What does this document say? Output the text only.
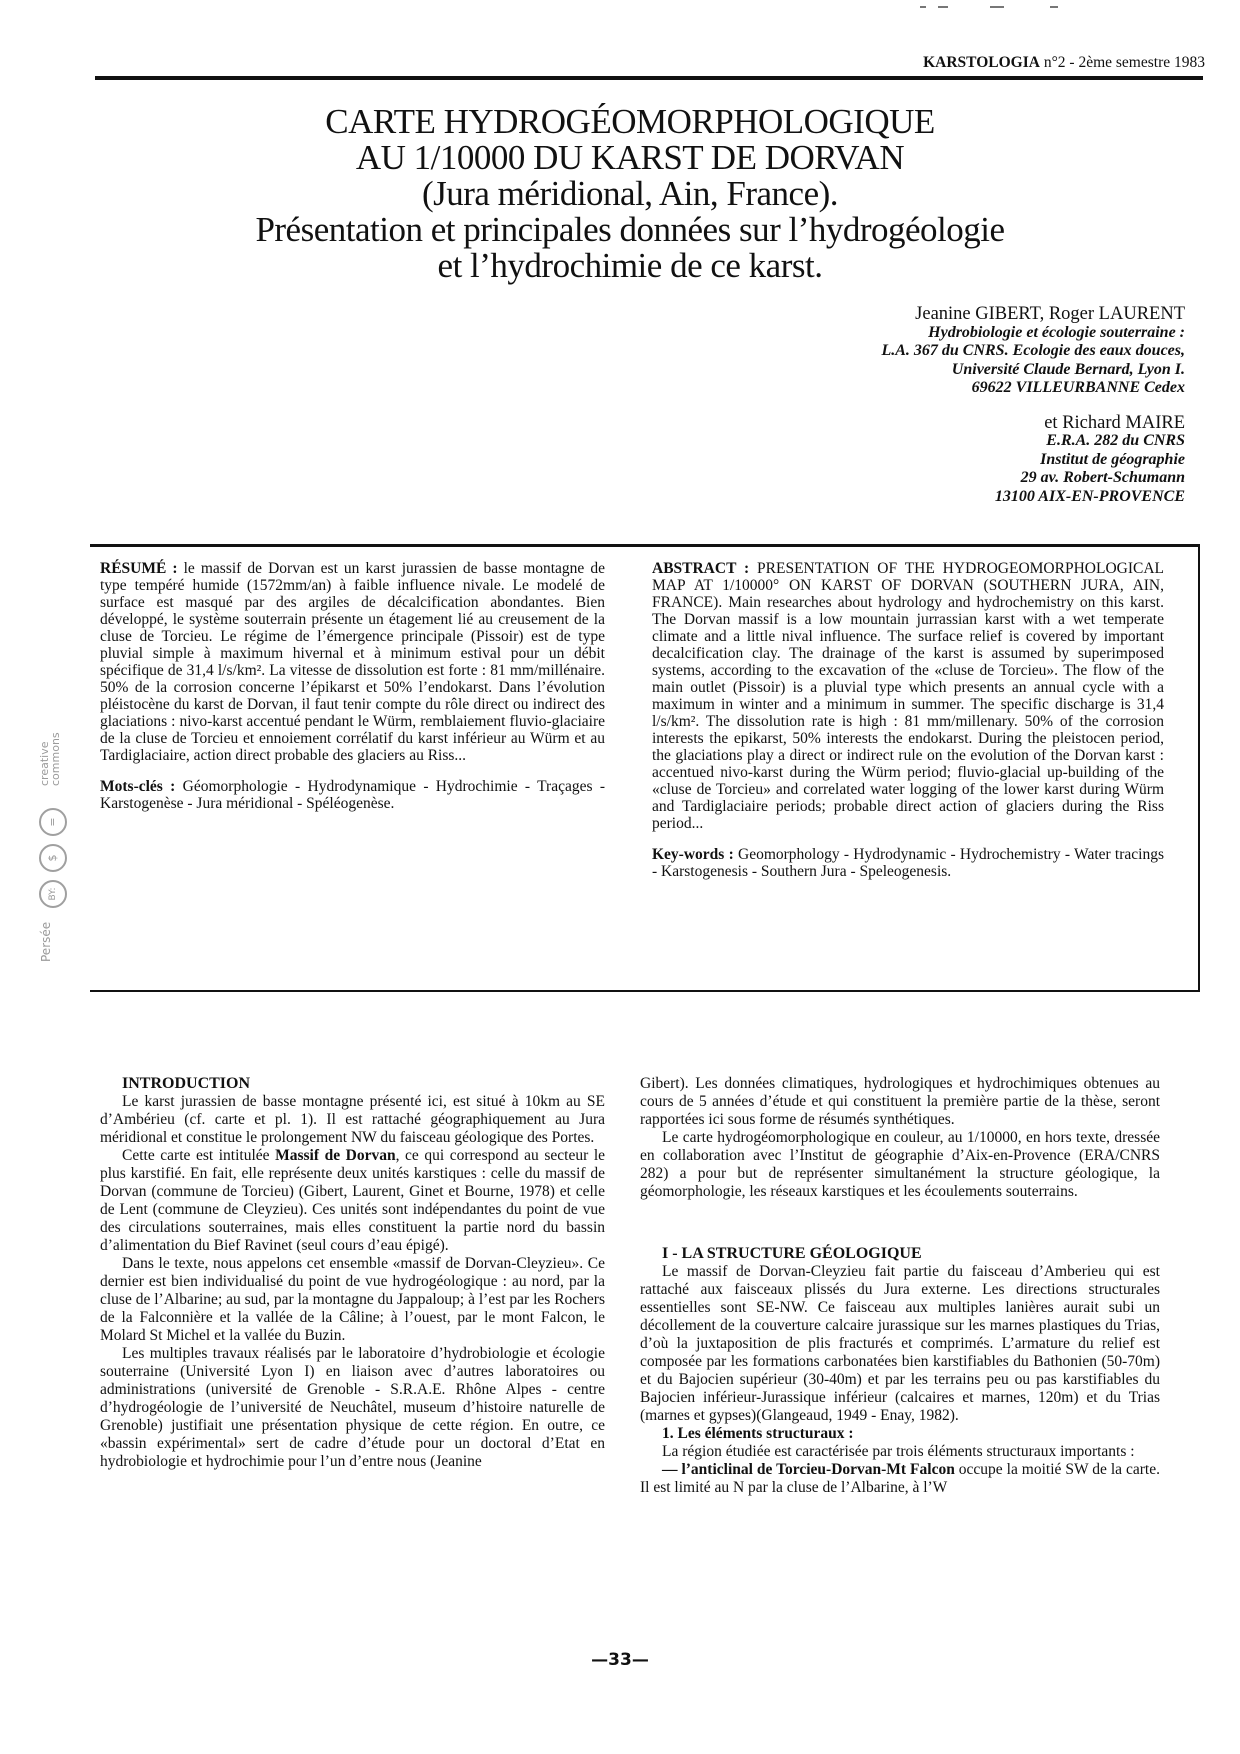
KARSTOLOGIA n°2 - 2ème semestre 1983
CARTE HYDROGÉOMORPHOLOGIQUE
AU 1/10000 DU KARST DE DORVAN
(Jura méridional, Ain, France).
Présentation et principales données sur l’hydrogéologie
et l’hydrochimie de ce karst.
Jeanine GIBERT, Roger LAURENT
Hydrobiologie et écologie souterraine :
L.A. 367 du CNRS. Ecologie des eaux douces,
Université Claude Bernard, Lyon I.
69622 VILLEURBANNE Cedex
et Richard MAIRE
E.R.A. 282 du CNRS
Institut de géographie
29 av. Robert-Schumann
13100 AIX-EN-PROVENCE

RÉSUMÉ : le massif de Dorvan est un karst jurassien de basse montagne de type tempéré humide (1572mm/an) à faible influence nivale. Le modelé de surface est masqué par des argiles de décalcification abondantes. Bien développé, le système souterrain présente un étagement lié au creusement de la cluse de Torcieu. Le régime de l’émergence principale (Pissoir) est de type pluvial simple à maximum hivernal et à minimum estival pour un débit spécifique de 31,4 l/s/km². La vitesse de dissolution est forte : 81 mm/millénaire. 50% de la corrosion concerne l’épikarst et 50% l’endokarst. Dans l’évolution pléistocène du karst de Dorvan, il faut tenir compte du rôle direct ou indirect des glaciations : nivo-karst accentué pendant le Würm, remblaiement fluvio-glaciaire de la cluse de Torcieu et ennoiement corrélatif du karst inférieur au Würm et au Tardiglaciaire, action direct probable des glaciers au Riss...

Mots-clés : Géomorphologie - Hydrodynamique - Hydrochimie - Traçages - Karstogenèse - Jura méridional - Spéléogenèse.

ABSTRACT : PRESENTATION OF THE HYDROGEOMORPHOLOGICAL MAP AT 1/10000° ON KARST OF DORVAN (SOUTHERN JURA, AIN, FRANCE). Main researches about hydrology and hydrochemistry on this karst. The Dorvan massif is a low mountain jurrassian karst with a wet temperate climate and a little nival influence. The surface relief is covered by important decalcification clay. The drainage of the karst is assumed by superimposed systems, according to the excavation of the «cluse de Torcieu». The flow of the main outlet (Pissoir) is a pluvial type which presents an annual cycle with a maximum in winter and a minimum in summer. The specific discharge is 31,4 l/s/km². The dissolution rate is high : 81 mm/millenary. 50% of the corrosion interests the epikarst, 50% interests the endokarst. During the pleistocen period, the glaciations play a direct or indirect rule on the evolution of the Dorvan karst : accentued nivo-karst during the Würm period; fluvio-glacial up-building of the «cluse de Torcieu» and correlated water logging of the lower karst during Würm and Tardiglaciaire periods; probable direct action of glaciers during the Riss period...

Key-words : Geomorphology - Hydrodynamic - Hydrochemistry - Water tracings - Karstogenesis - Southern Jura - Speleogenesis.

creative
commons
=
$
BY:
Persée

INTRODUCTION

Le karst jurassien de basse montagne présenté ici, est situé à 10km au SE d’Ambérieu (cf. carte et pl. 1). Il est rattaché géographiquement au Jura méridional et constitue le prolongement NW du faisceau géologique des Portes.

Cette carte est intitulée Massif de Dorvan, ce qui correspond au secteur le plus karstifié. En fait, elle représente deux unités karstiques : celle du massif de Dorvan (commune de Torcieu) (Gibert, Laurent, Ginet et Bourne, 1978) et celle de Lent (commune de Cleyzieu). Ces unités sont indépendantes du point de vue des circulations souterraines, mais elles constituent la partie nord du bassin d’alimentation du Bief Ravinet (seul cours d’eau épigé).

Dans le texte, nous appelons cet ensemble «massif de Dorvan-Cleyzieu». Ce dernier est bien individualisé du point de vue hydrogéologique : au nord, par la cluse de l’Albarine; au sud, par la montagne du Jappaloup; à l’est par les Rochers de la Falconnière et la vallée de la Câline; à l’ouest, par le mont Falcon, le Molard St Michel et la vallée du Buzin.

Les multiples travaux réalisés par le laboratoire d’hydrobiologie et écologie souterraine (Université Lyon I) en liaison avec d’autres laboratoires ou administrations (université de Grenoble - S.R.A.E. Rhône Alpes - centre d’hydrogéologie de l’université de Neuchâtel, museum d’histoire naturelle de Grenoble) justifiait une présentation physique de cette région. En outre, ce «bassin expérimental» sert de cadre d’étude pour un doctoral d’Etat en hydrobiologie et hydrochimie pour l’un d’entre nous (Jeanine

Gibert). Les données climatiques, hydrologiques et hydrochimiques obtenues au cours de 5 années d’étude et qui constituent la première partie de la thèse, seront rapportées ici sous forme de résumés synthétiques.

Le carte hydrogéomorphologique en couleur, au 1/10000, en hors texte, dressée en collaboration avec l’Institut de géographie d’Aix-en-Provence (ERA/CNRS 282) a pour but de représenter simultanément la structure géologique, la géomorphologie, les réseaux karstiques et les écoulements souterrains.

I - LA STRUCTURE GÉOLOGIQUE

Le massif de Dorvan-Cleyzieu fait partie du faisceau d’Amberieu qui est rattaché aux faisceaux plissés du Jura externe. Les directions structurales essentielles sont SE-NW. Ce faisceau aux multiples lanières aurait subi un décollement de la couverture calcaire jurassique sur les marnes plastiques du Trias, d’où la juxtaposition de plis fracturés et comprimés. L’armature du relief est composée par les formations carbonatées bien karstifiables du Bathonien (50-70m) et du Bajocien supérieur (30-40m) et par les terrains peu ou pas karstifiables du Bajocien inférieur-Jurassique inférieur (calcaires et marnes, 120m) et du Trias (marnes et gypses)(Glangeaud, 1949 - Enay, 1982).

1. Les éléments structuraux :

La région étudiée est caractérisée par trois éléments structuraux importants :

— l’anticlinal de Torcieu-Dorvan-Mt Falcon occupe la moitié SW de la carte. Il est limité au N par la cluse de l’Albarine, à l’W

—33—
